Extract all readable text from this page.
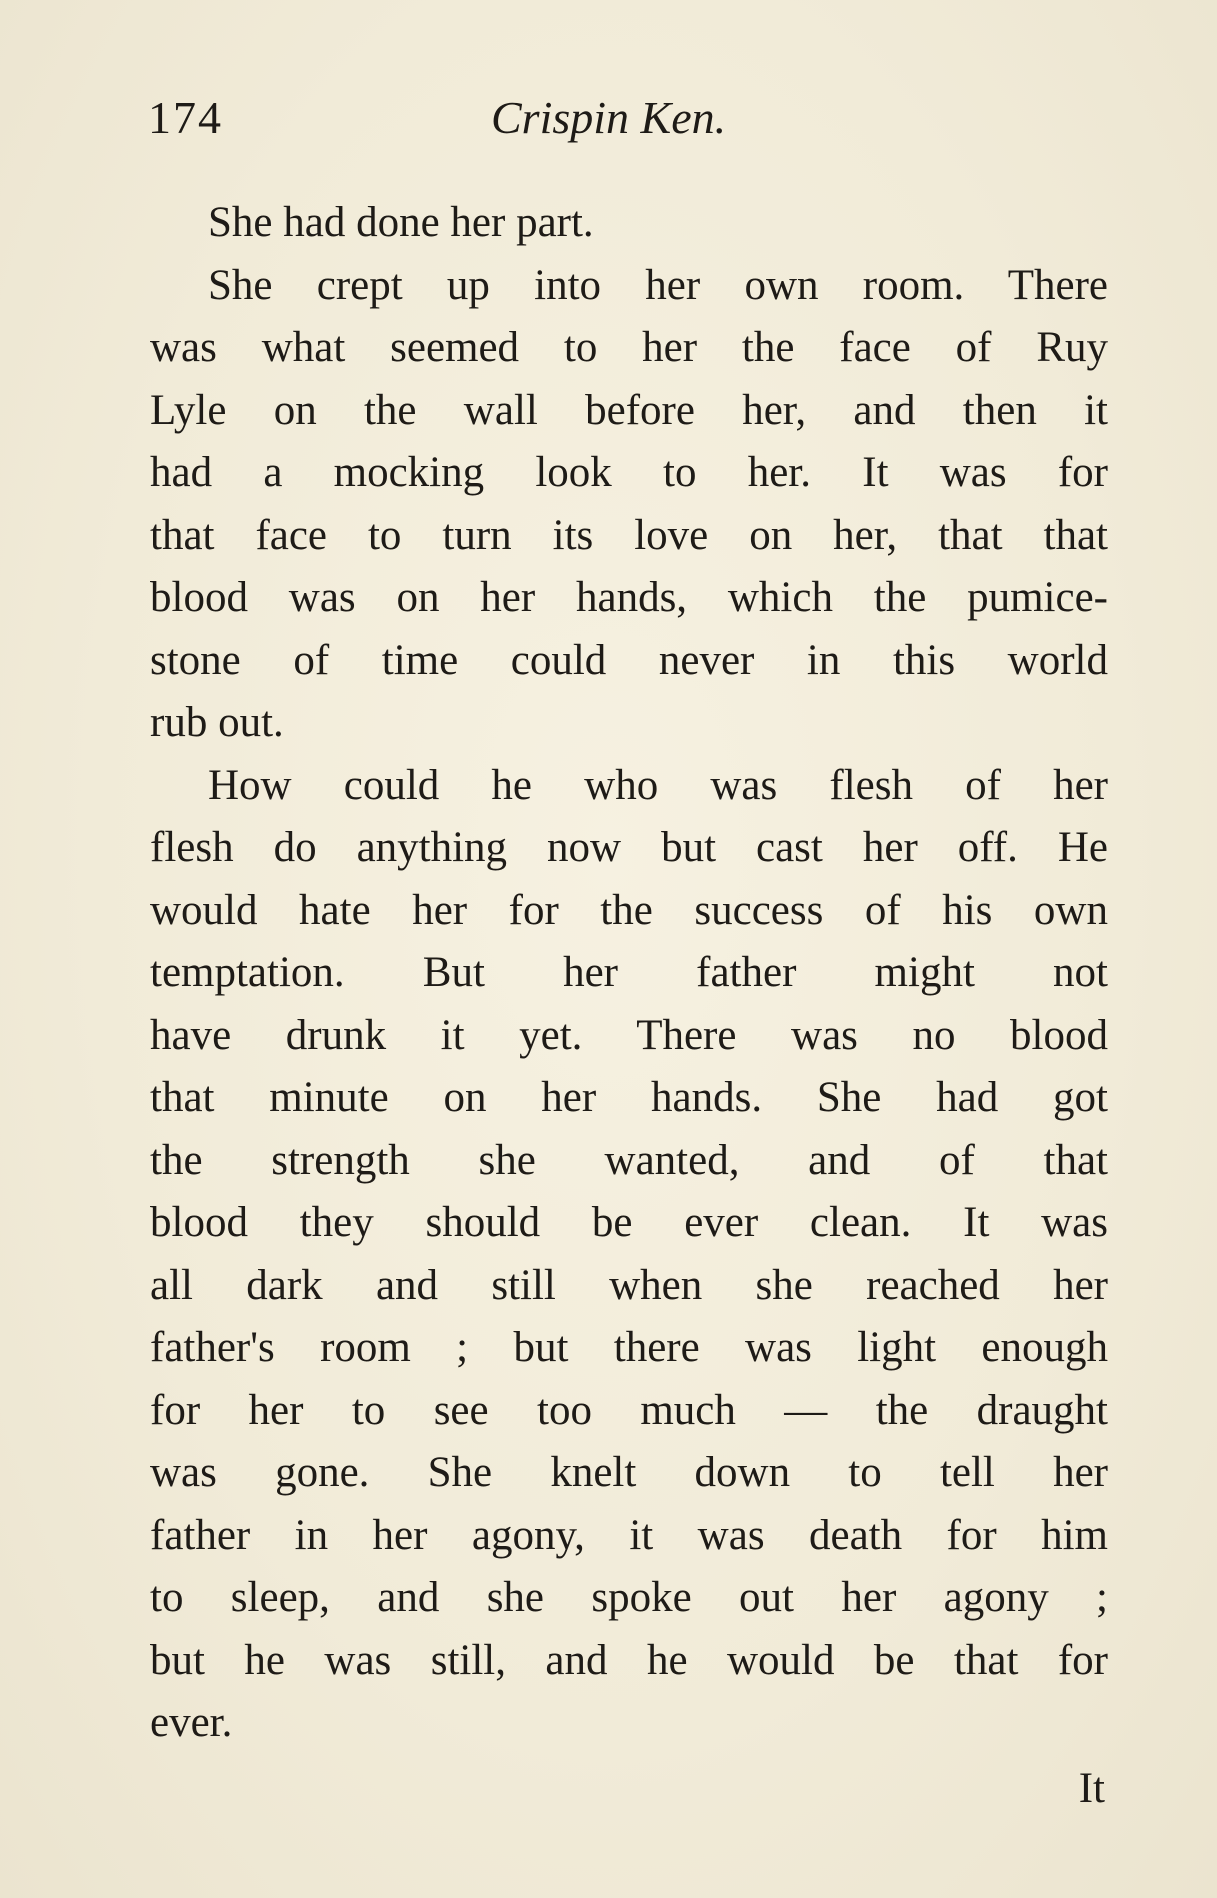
174	Crispin Ken.
She had done her part.
She crept up into her own room. There
was what seemed to her the face of Ruy
Lyle on the wall before her, and then it
had a mocking look to her. It was for
that face to turn its love on her, that that
blood was on her hands, which the pumice-
stone of time could never in this world
rub out.
How could he who was flesh of her
flesh do anything now but cast her off. He
would hate her for the success of his own
temptation. But her father might not
have drunk it yet. There was no blood
that minute on her hands. She had got
the strength she wanted, and of that
blood they should be ever clean. It was
all dark and still when she reached her
father's room ; but there was light enough
for her to see too much — the draught
was gone. She knelt down to tell her
father in her agony, it was death for him
to sleep, and she spoke out her agony ;
but he was still, and he would be that for
ever.
It
